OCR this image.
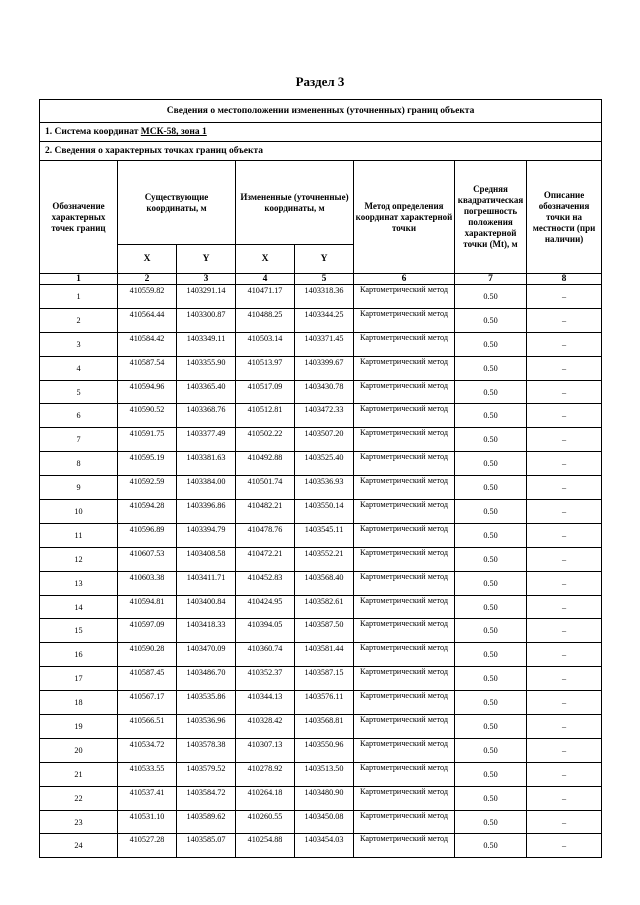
Раздел 3
Сведения о местоположении измененных (уточненных) границ объекта							
1. Система координат МСК-58, зона 1							
2. Сведения о характерных точках границ объекта							
Обозначение характерных точек границ	Существующие координаты, м		Измененные (уточненные) координаты, м		Метод определения координат характерной точки	Средняя квадратичеcкая погрешность положения характерной точки (Mt), м	Описание обозначения точки на местности (при наличии)
	X	Y	X	Y			
1	2	3	4	5	6	7	8
1	410559.82	1403291.14	410471.17	1403318.36	Картометрический метод	0.50	–
2	410564.44	1403300.87	410488.25	1403344.25	Картометрический метод	0.50	–
3	410584.42	1403349.11	410503.14	1403371.45	Картометрический метод	0.50	–
4	410587.54	1403355.90	410513.97	1403399.67	Картометрический метод	0.50	–
5	410594.96	1403365.40	410517.09	1403430.78	Картометрический метод	0.50	–
6	410590.52	1403368.76	410512.81	1403472.33	Картометрический метод	0.50	–
7	410591.75	1403377.49	410502.22	1403507.20	Картометрический метод	0.50	–
8	410595.19	1403381.63	410492.88	1403525.40	Картометрический метод	0.50	–
9	410592.59	1403384.00	410501.74	1403536.93	Картометрический метод	0.50	–
10	410594.28	1403396.86	410482.21	1403550.14	Картометрический метод	0.50	–
11	410596.89	1403394.79	410478.76	1403545.11	Картометрический метод	0.50	–
12	410607.53	1403408.58	410472.21	1403552.21	Картометрический метод	0.50	–
13	410603.38	1403411.71	410452.83	1403568.40	Картометрический метод	0.50	–
14	410594.81	1403400.84	410424.95	1403582.61	Картометрический метод	0.50	–
15	410597.09	1403418.33	410394.05	1403587.50	Картометрический метод	0.50	–
16	410590.28	1403470.09	410360.74	1403581.44	Картометрический метод	0.50	–
17	410587.45	1403486.70	410352.37	1403587.15	Картометрический метод	0.50	–
18	410567.17	1403535.86	410344.13	1403576.11	Картометрический метод	0.50	–
19	410566.51	1403536.96	410328.42	1403568.81	Картометрический метод	0.50	–
20	410534.72	1403578.38	410307.13	1403550.96	Картометрический метод	0.50	–
21	410533.55	1403579.52	410278.92	1403513.50	Картометрический метод	0.50	–
22	410537.41	1403584.72	410264.18	1403480.90	Картометрический метод	0.50	–
23	410531.10	1403589.62	410260.55	1403450.08	Картометрический метод	0.50	–
24	410527.28	1403585.07	410254.88	1403454.03	Картометрический метод	0.50	–
